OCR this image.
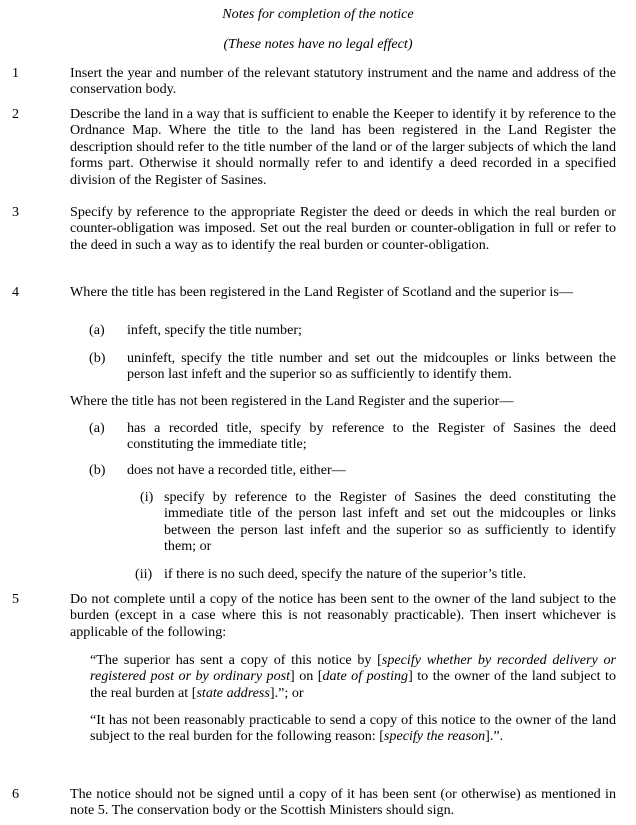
Notes for completion of the notice
(These notes have no legal effect)
1	Insert the year and number of the relevant statutory instrument and the name and address of the conservation body.
2	Describe the land in a way that is sufficient to enable the Keeper to identify it by reference to the Ordnance Map. Where the title to the land has been registered in the Land Register the description should refer to the title number of the land or of the larger subjects of which the land forms part. Otherwise it should normally refer to and identify a deed recorded in a specified division of the Register of Sasines.
3	Specify by reference to the appropriate Register the deed or deeds in which the real burden or counter-obligation was imposed. Set out the real burden or counter-obligation in full or refer to the deed in such a way as to identify the real burden or counter-obligation.
4	Where the title has been registered in the Land Register of Scotland and the superior is—
(a) infeft, specify the title number;
(b) uninfeft, specify the title number and set out the midcouples or links between the person last infeft and the superior so as sufficiently to identify them.
Where the title has not been registered in the Land Register and the superior—
(a) has a recorded title, specify by reference to the Register of Sasines the deed constituting the immediate title;
(b) does not have a recorded title, either—
(i) specify by reference to the Register of Sasines the deed constituting the immediate title of the person last infeft and set out the midcouples or links between the person last infeft and the superior so as sufficiently to identify them; or
(ii) if there is no such deed, specify the nature of the superior’s title.
5	Do not complete until a copy of the notice has been sent to the owner of the land subject to the burden (except in a case where this is not reasonably practicable). Then insert whichever is applicable of the following:
“The superior has sent a copy of this notice by [specify whether by recorded delivery or registered post or by ordinary post] on [date of posting] to the owner of the land subject to the real burden at [state address].”; or
“It has not been reasonably practicable to send a copy of this notice to the owner of the land subject to the real burden for the following reason: [specify the reason].”.
6	The notice should not be signed until a copy of it has been sent (or otherwise) as mentioned in note 5. The conservation body or the Scottish Ministers should sign.
